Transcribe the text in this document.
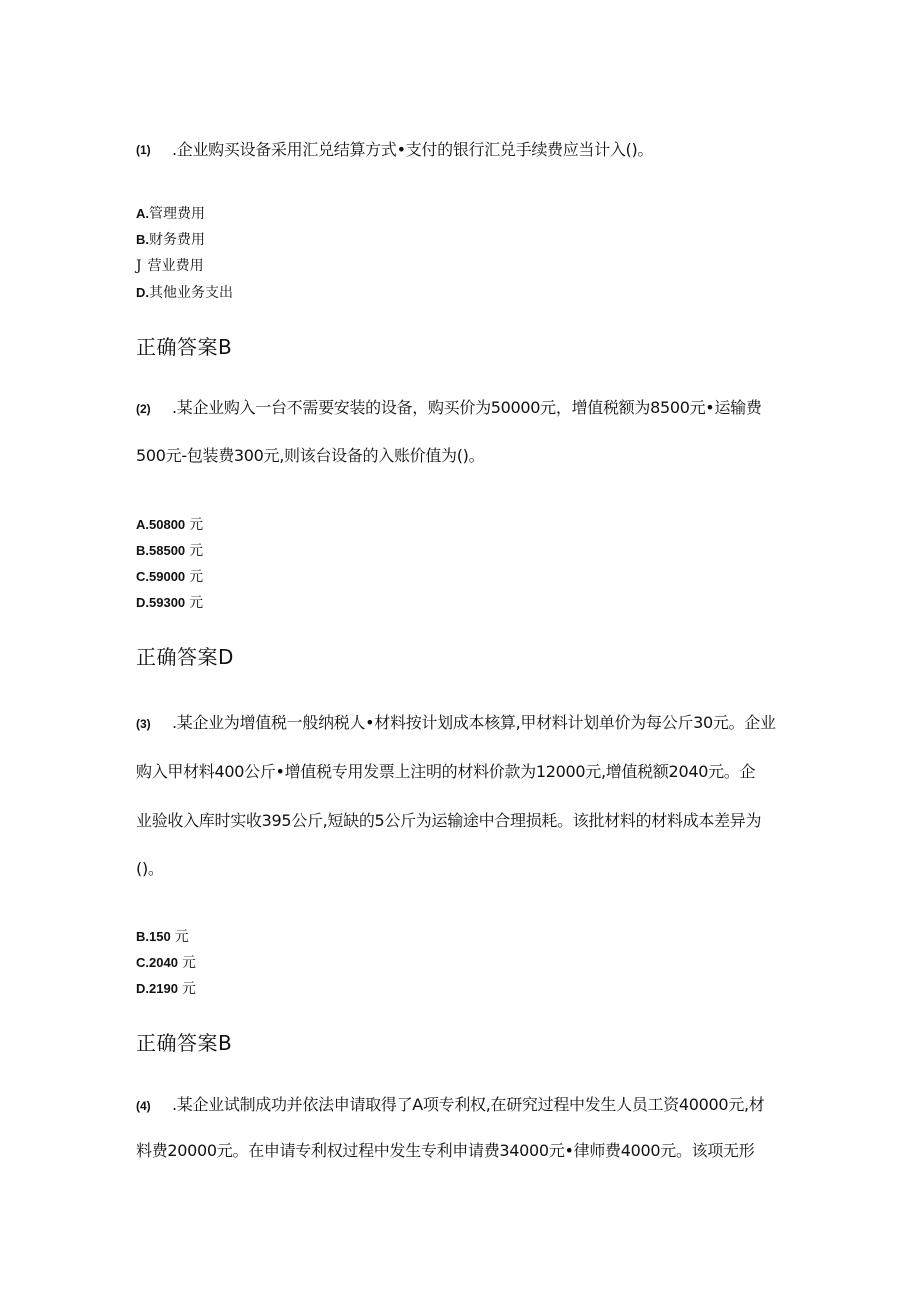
(1) .企业购买设备采用汇兑结算方式•支付的银行汇兑手续费应当计入()。
A.管理费用
B.财务费用
J 营业费用
D.其他业务支出
正确答案B
(2) .某企业购入一台不需要安装的设备，购买价为50000元，增值税额为8500元•运输费
500元-包装费300元,则该台设备的入账价值为()。
A.50800 元
B.58500 元
C.59000 元
D.59300 元
正确答案D
(3) .某企业为增值税一般纳税人•材料按计划成本核算,甲材料计划单价为每公斤30元。企业
购入甲材料400公斤•增值税专用发票上注明的材料价款为12000元,增值税额2040元。企
业验收入库时实收395公斤,短缺的5公斤为运输途中合理损耗。该批材料的材料成本差异为
()。
B.150 元
C.2040 元
D.2190 元
正确答案B
(4) .某企业试制成功并依法申请取得了A项专利权,在研究过程中发生人员工资40000元,材
料费20000元。在申请专利权过程中发生专利申请费34000元•律师费4000元。该项无形
